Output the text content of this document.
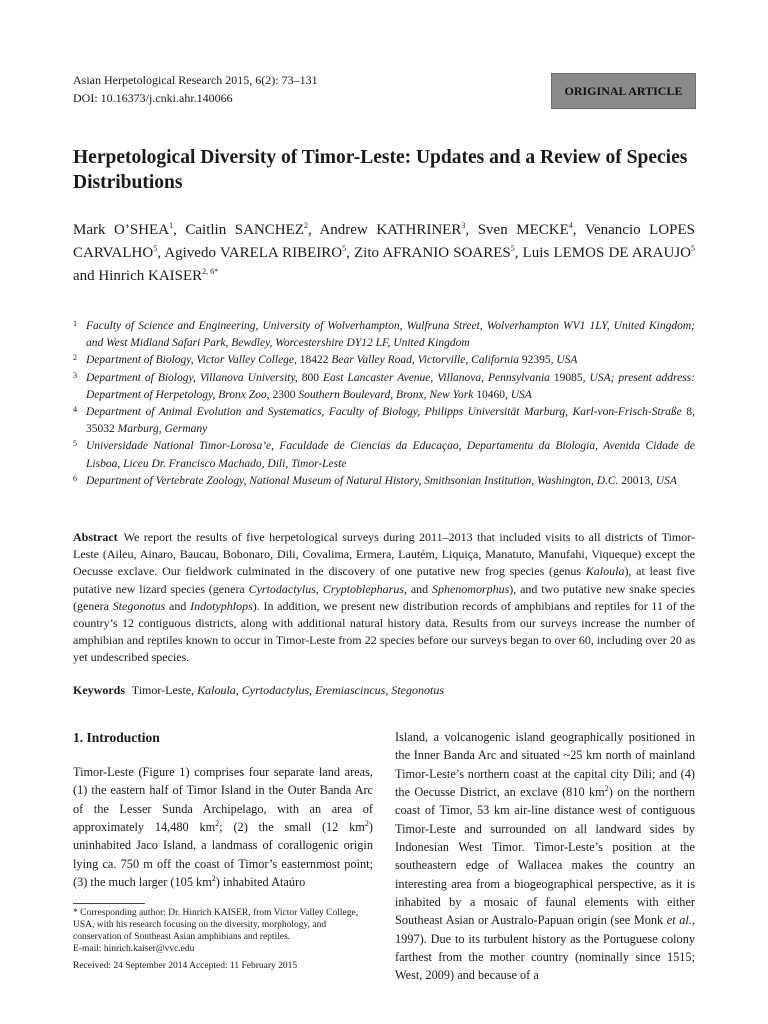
Asian Herpetological Research 2015, 6(2): 73–131
DOI: 10.16373/j.cnki.ahr.140066
ORIGINAL ARTICLE
Herpetological Diversity of Timor-Leste: Updates and a Review of Species Distributions
Mark O’SHEA$^1$, Caitlin SANCHEZ$^2$, Andrew KATHRINER$^3$, Sven MECKE$^4$, Venancio LOPES CARVALHO$^5$, Agivedo VARELA RIBEIRO$^5$, Zito AFRANIO SOARES$^5$, Luis LEMOS DE ARAUJO$^5$ and Hinrich $KAISER^{2, 6*}$
1 Faculty of Science and Engineering, University of Wolverhampton, Wulfruna Street, Wolverhampton WV1 1LY, United Kingdom; and West Midland Safari Park, Bewdley, Worcestershire DY12 LF, United Kingdom
2 Department of Biology, Victor Valley College, 18422 Bear Valley Road, Victorville, California 92395, USA
3 Department of Biology, Villanova University, 800 East Lancaster Avenue, Villanova, Pennsylvania 19085, USA; present address: Department of Herpetology, Bronx Zoo, 2300 Southern Boulevard, Bronx, New York 10460, USA
4 Department of Animal Evolution and Systematics, Faculty of Biology, Philipps Universität Marburg, Karl-von-Frisch-Straße 8, 35032 Marburg, Germany
5 Universidade National Timor-Lorosa’e, Faculdade de Ciencias da Educaçao, Departamentu da Biologia, Avenida Cidade de Lisboa, Liceu Dr. Francisco Machado, Dili, Timor-Leste
6 Department of Vertebrate Zoology, National Museum of Natural History, Smithsonian Institution, Washington, D.C. 20013, USA
Abstract We report the results of five herpetological surveys during 2011–2013 that included visits to all districts of Timor-Leste (Aileu, Ainaro, Baucau, Bobonaro, Dili, Covalima, Ermera, Lautém, Liquiça, Manatuto, Manufahi, Viqueque) except the Oecusse exclave. Our fieldwork culminated in the discovery of one putative new frog species (genus Kaloula), at least five putative new lizard species (genera Cyrtodactylus, Cryptoblepharus, and Sphenomorphus), and two putative new snake species (genera Stegonotus and Indotyphlops). In addition, we present new distribution records of amphibians and reptiles for 11 of the country’s 12 contiguous districts, along with additional natural history data. Results from our surveys increase the number of amphibian and reptiles known to occur in Timor-Leste from 22 species before our surveys began to over 60, including over 20 as yet undescribed species.
Keywords Timor-Leste, Kaloula, Cyrtodactylus, Eremiascincus, Stegonotus
1. Introduction
Timor-Leste (Figure 1) comprises four separate land areas, (1) the eastern half of Timor Island in the Outer Banda Arc of the Lesser Sunda Archipelago, with an area of approximately 14,480 $km^2$; (2) the small (12 $km^2$) uninhabited Jaco Island, a landmass of corallogenic origin lying ca. 750 m off the coast of Timor’s easternmost point; (3) the much larger (105 $km^2$) inhabited Ataúro
Island, a volcanogenic island geographically positioned in the Inner Banda Arc and situated ~25 km north of mainland Timor-Leste’s northern coast at the capital city Dili; and (4) the Oecusse District, an exclave (810 $km^2$) on the northern coast of Timor, 53 km air-line distance west of contiguous Timor-Leste and surrounded on all landward sides by Indonesian West Timor. Timor-Leste’s position at the southeastern edge of Wallacea makes the country an interesting area from a biogeographical perspective, as it is inhabited by a mosaic of faunal elements with either Southeast Asian or Australo-Papuan origin (see Monk et al., 1997). Due to its turbulent history as the Portuguese colony farthest from the mother country (nominally since 1515; West, 2009) and because of a
* Corresponding author: Dr. Hinrich KAISER, from Victor Valley College, USA, with his research focusing on the diversity, morphology, and conservation of Southeast Asian amphibians and reptiles.
E-mail: hinrich.kaiser@vvc.edu
Received: 24 September 2014 Accepted: 11 February 2015
